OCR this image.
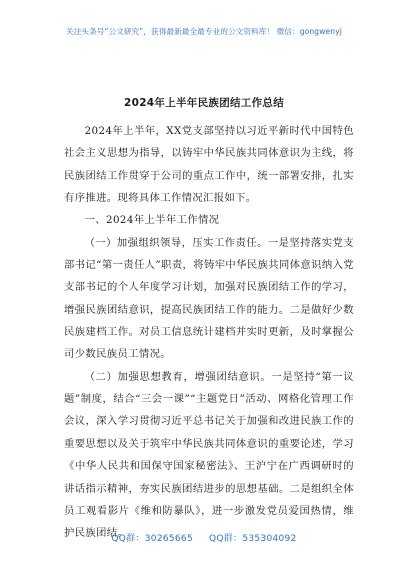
关注头条号“公文研究”，获得最新最全最专业的公文资料库！ 微信：gongwenyj
2024年上半年民族团结工作总结

2024年上半年，XX党支部坚持以习近平新时代中国特色社会主义思想为指导，以铸牢中华民族共同体意识为主线，将民族团结工作贯穿于公司的重点工作中，统一部署安排，扎实有序推进。现将具体工作情况汇报如下。

一、2024年上半年工作情况

（一）加强组织领导，压实工作责任。一是坚持落实党支部书记“第一责任人”职责，将铸牢中华民族共同体意识纳入党支部书记的个人年度学习计划，加强对民族团结工作的学习，增强民族团结意识，提高民族团结工作的能力。二是做好少数民族建档工作。对员工信息统计建档并实时更新，及时掌握公司少数民族员工情况。

（二）加强思想教育，增强团结意识。一是坚持“第一议题”制度，结合“三会一课”“主题党日”活动、网格化管理工作会议，深入学习贯彻习近平总书记关于加强和改进民族工作的重要思想以及关于筑牢中华民族共同体意识的重要论述，学习《中华人民共和国保守国家秘密法》、王沪宁在广西调研时的讲话指示精神，夯实民族团结进步的思想基础。二是组织全体员工观看影片《维和防暴队》，进一步激发党员爱国热情，维护民族团结。

QQ群：30265665 QQ群：535304092
